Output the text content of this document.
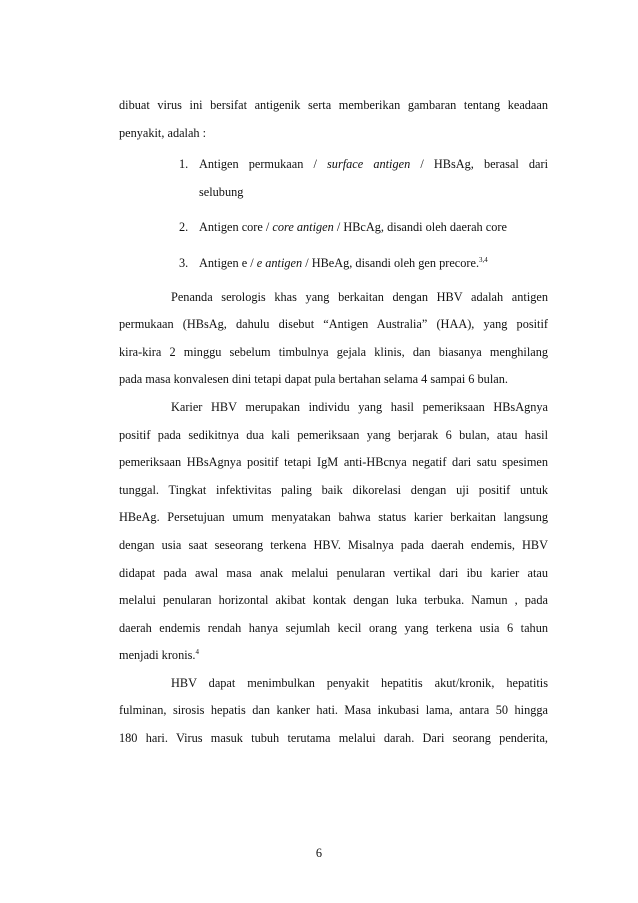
dibuat virus ini bersifat antigenik serta memberikan gambaran tentang keadaan

penyakit, adalah :

1. Antigen permukaan / surface antigen / HBsAg, berasal dari
selubung
2. Antigen core / core antigen / HBcAg, disandi oleh daerah core
3. Antigen e / e antigen / HBeAg, disandi oleh gen precore.$^{3,4}$

Penanda serologis khas yang berkaitan dengan HBV adalah antigen

permukaan (HBsAg, dahulu disebut “Antigen Australia” (HAA), yang positif

kira-kira 2 minggu sebelum timbulnya gejala klinis, dan biasanya menghilang

pada masa konvalesen dini tetapi dapat pula bertahan selama 4 sampai 6 bulan.

Karier HBV merupakan individu yang hasil pemeriksaan HBsAgnya

positif pada sedikitnya dua kali pemeriksaan yang berjarak 6 bulan, atau hasil

pemeriksaan HBsAgnya positif tetapi IgM anti-HBcnya negatif dari satu spesimen

tunggal. Tingkat infektivitas paling baik dikorelasi dengan uji positif untuk

HBeAg. Persetujuan umum menyatakan bahwa status karier berkaitan langsung

dengan usia saat seseorang terkena HBV. Misalnya pada daerah endemis, HBV

didapat pada awal masa anak melalui penularan vertikal dari ibu karier atau

melalui penularan horizontal akibat kontak dengan luka terbuka. Namun , pada

daerah endemis rendah hanya sejumlah kecil orang yang terkena usia 6 tahun

menjadi kronis.$^4$

HBV dapat menimbulkan penyakit hepatitis akut/kronik, hepatitis

fulminan, sirosis hepatis dan kanker hati. Masa inkubasi lama, antara 50 hingga

180 hari. Virus masuk tubuh terutama melalui darah. Dari seorang penderita,

6
